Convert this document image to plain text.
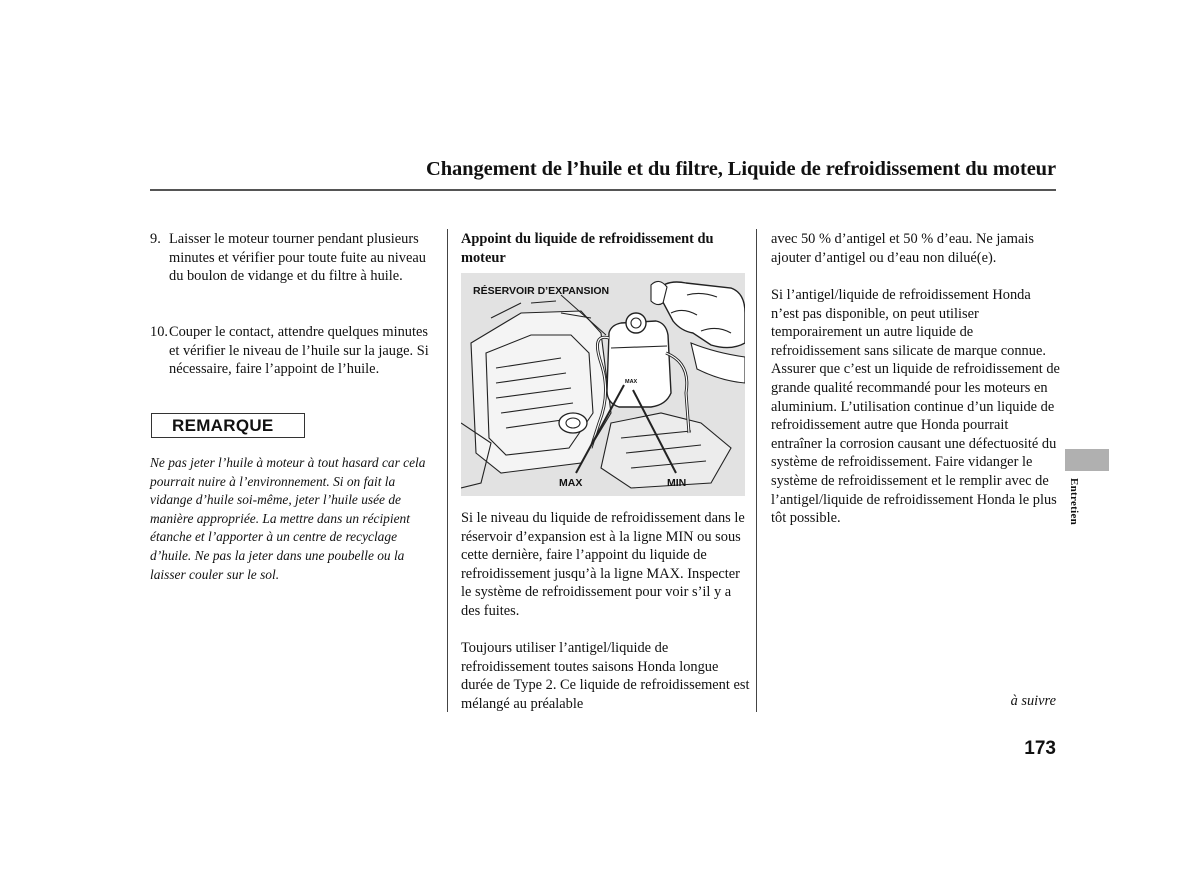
Changement de l’huile et du filtre, Liquide de refroidissement du moteur
9. Laisser le moteur tourner pendant plusieurs minutes et vérifier pour toute fuite au niveau du boulon de vidange et du filtre à huile.
10. Couper le contact, attendre quelques minutes et vérifier le niveau de l’huile sur la jauge. Si nécessaire, faire l’appoint de l’huile.
REMARQUE
Ne pas jeter l’huile à moteur à tout hasard car cela pourrait nuire à l’environnement. Si on fait la vidange d’huile soi-même, jeter l’huile usée de manière appropriée. La mettre dans un récipient étanche et l’apporter à un centre de recyclage d’huile. Ne pas la jeter dans une poubelle ou la laisser couler sur le sol.
Appoint du liquide de refroidissement du moteur
RÉSERVOIR D’EXPANSION
MAX
MAX	MIN
Si le niveau du liquide de refroidissement dans le réservoir d’expansion est à la ligne MIN ou sous cette dernière, faire l’appoint du liquide de refroidissement jusqu’à la ligne MAX. Inspecter le système de refroidissement pour voir s’il y a des fuites.
Toujours utiliser l’antigel/liquide de refroidissement toutes saisons Honda longue durée de Type 2. Ce liquide de refroidissement est mélangé au préalable
avec 50 % d’antigel et 50 % d’eau. Ne jamais ajouter d’antigel ou d’eau non dilué(e).
Si l’antigel/liquide de refroidissement Honda n’est pas disponible, on peut utiliser temporairement un autre liquide de refroidissement sans silicate de marque connue. Assurer que c’est un liquide de refroidissement de grande qualité recommandé pour les moteurs en aluminium. L’utilisation continue d’un liquide de refroidissement autre que Honda pourrait entraîner la corrosion causant une défectuosité du système de refroidissement. Faire vidanger le système de refroidissement et le remplir avec de l’antigel/liquide de refroidissement Honda le plus tôt possible.	Entretien
à suivre
173
